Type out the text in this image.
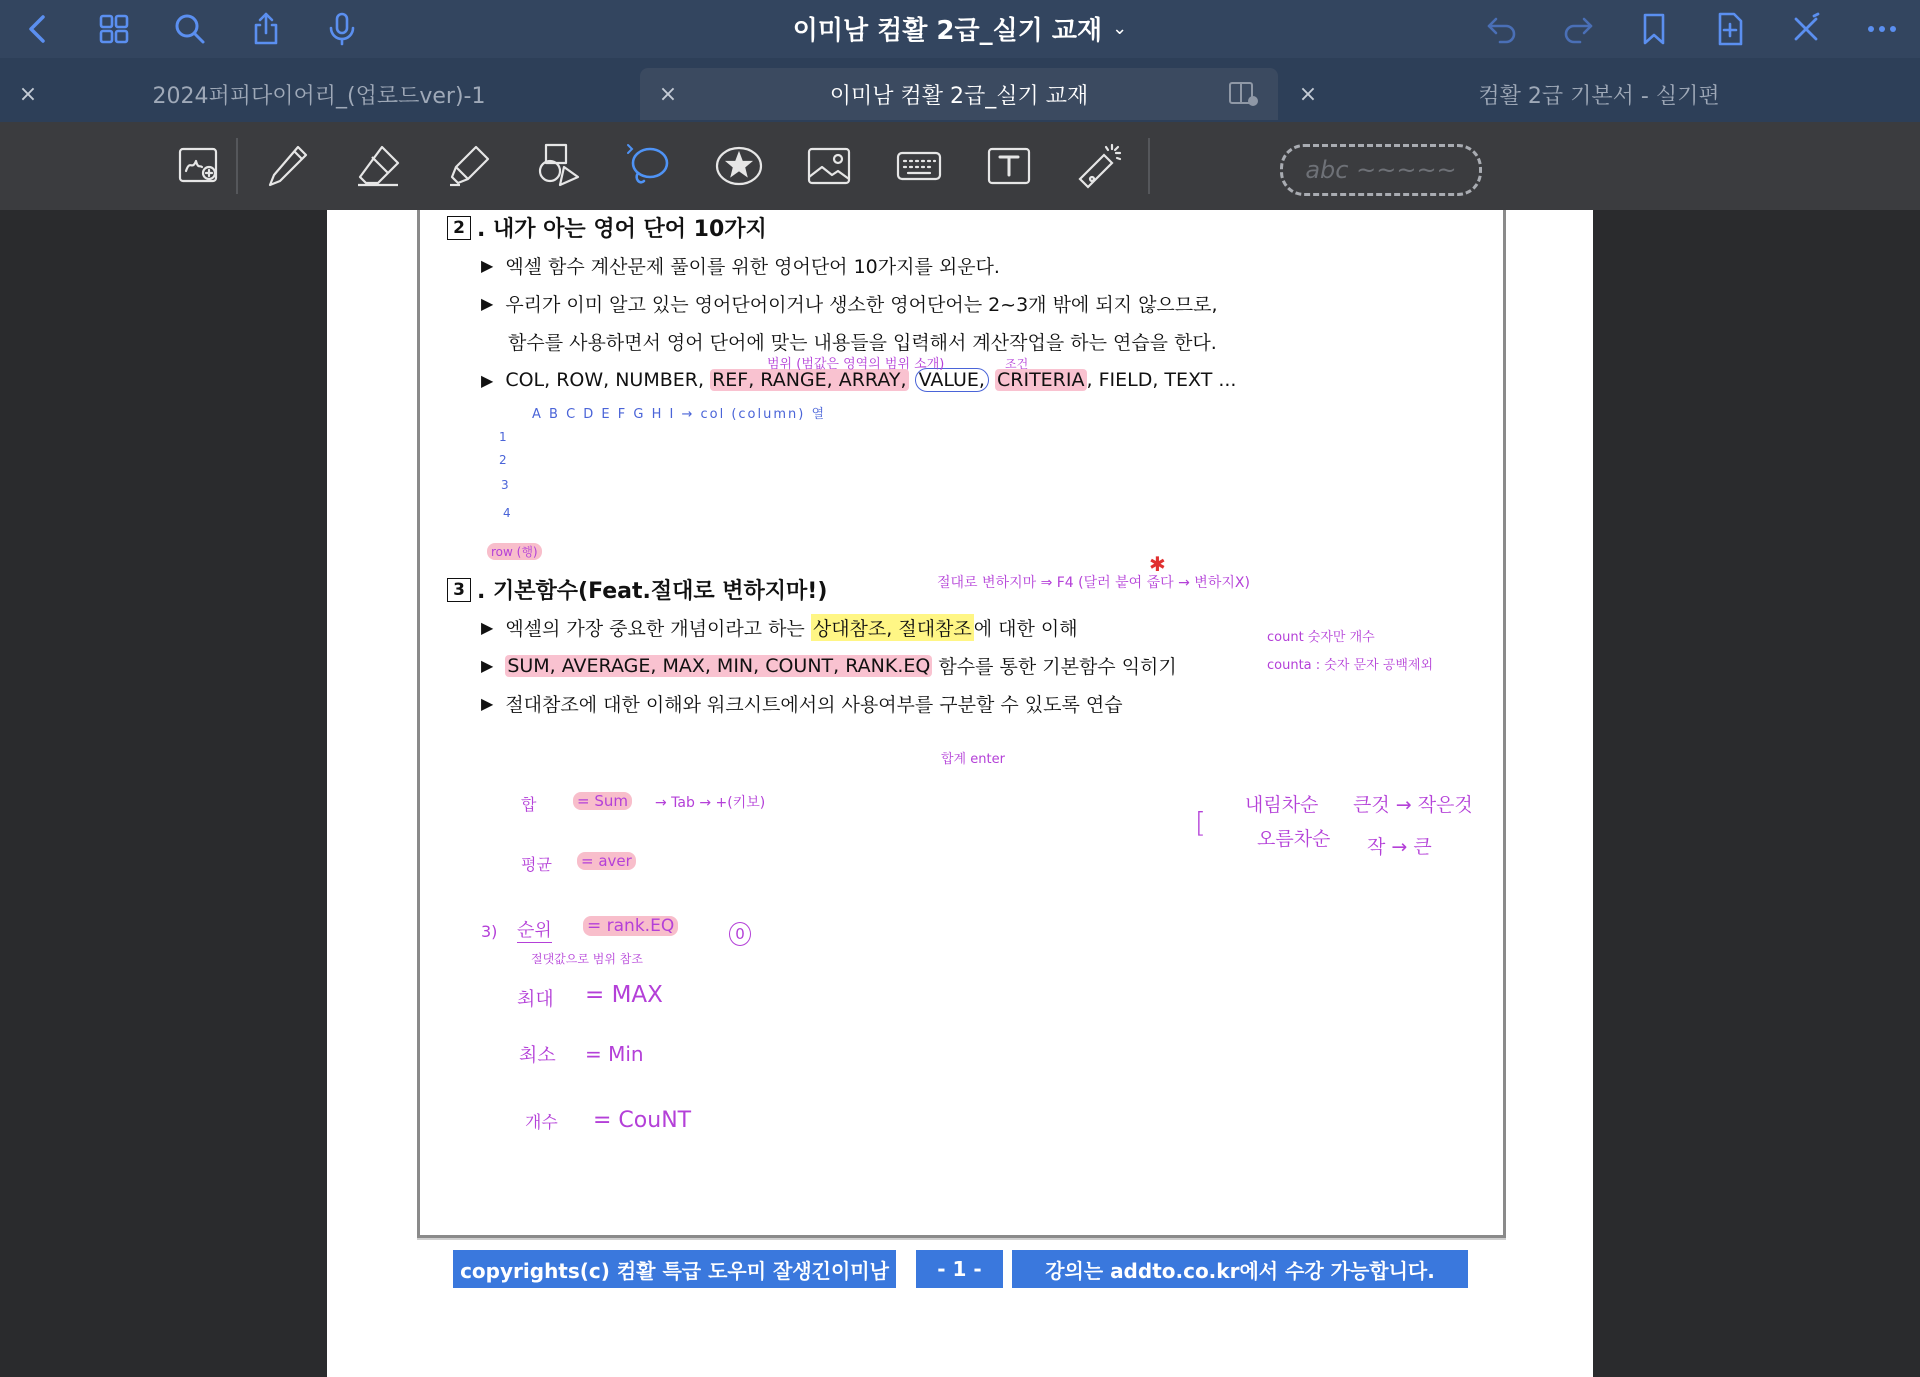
이미남 컴활 2급_실기 교재 ⌄
×	2024퍼피다이어리_(업로드ver)-1	×	이미남 컴활 2급_실기 교재	×	컴활 2급 기본서 - 실기편
abc ~~~~~
2 . 내가 아는 영어 단어 10가지
▶ 엑셀 함수 계산문제 풀이를 위한 영어단어 10가지를 외운다.
▶ 우리가 이미 알고 있는 영어단어이거나 생소한 영어단어는 2~3개 밖에 되지 않으므로,
함수를 사용하면서 영어 단어에 맞는 내용들을 입력해서 계산작업을 하는 연습을 한다.
▶ COL, ROW, NUMBER,
REF, RANGE, ARRAY,
VALUE,
CRITERIA , FIELD, TEXT ...
범위 (범값은 영역의 범위 소개)	조건
A B C D E F G H I → col (column) 열
1
2
3
4
row (행)
3 . 기본함수(Feat.절대로 변하지마!)	절대로 변하지마 ⇒ F4 (달러 붙여 줍다 → 변하지X)
✱
▶ 엑셀의 가장 중요한 개념이라고 하는
상대참조, 절대참조 에 대한 이해	count 숫자만 개수
counta : 숫자 문자 공백제외
▶ SUM, AVERAGE, MAX, MIN, COUNT, RANK.EQ
함수를 통한 기본함수 익히기
▶ 절대참조에 대한 이해와 워크시트에서의 사용여부를 구분할 수 있도록 연습
합계 enter
합	= Sum → Tab → +(키보)
평균 = aver
3) 순위 = rank.EQ
절댓값으로 범위 참조
0
최대 = MAX
최소 = Min
개수 = CouNT
[
내림차순
오름차순
큰것 → 작은것
작 → 큰
copyrights(c) 컴활 특급 도우미 잘생긴이미남	- 1 -	강의는 addto.co.kr에서 수강 가능합니다.
